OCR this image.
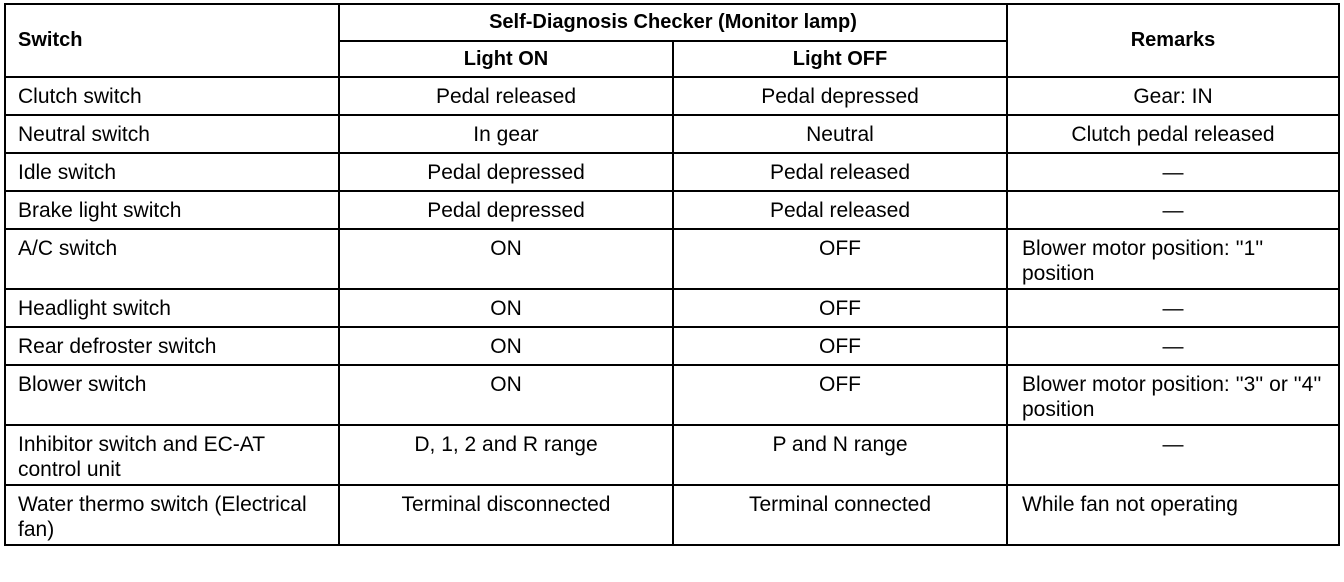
Switch	Self-Diagnosis Checker (Monitor lamp)		Remarks
	Light ON	Light OFF	
Clutch switch	Pedal released	Pedal depressed	Gear: IN
Neutral switch	In gear	Neutral	Clutch pedal released
Idle switch	Pedal depressed	Pedal released	—
Brake light switch	Pedal depressed	Pedal released	—
A/C switch	ON	OFF	Blower motor position: ''1'' position
Headlight switch	ON	OFF	—
Rear defroster switch	ON	OFF	—
Blower switch	ON	OFF	Blower motor position: ''3'' or ''4'' position
Inhibitor switch and EC-AT control unit	D, 1, 2 and R range	P and N range	—
Water thermo switch (Electrical fan)	Terminal disconnected	Terminal connected	While fan not operating
